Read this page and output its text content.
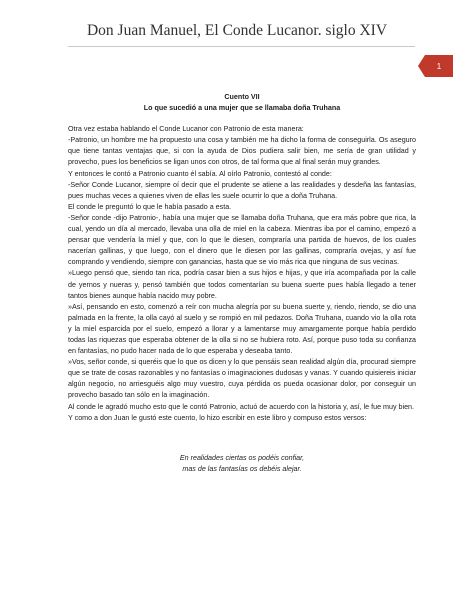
Don Juan Manuel, El Conde Lucanor. siglo XIV
1
Cuento VII
Lo que sucedió a una mujer que se llamaba doña Truhana

Otra vez estaba hablando el Conde Lucanor con Patronio de esta manera:

-Patronio, un hombre me ha propuesto una cosa y también me ha dicho la forma de conseguirla. Os aseguro que tiene tantas ventajas que, si con la ayuda de Dios pudiera salir bien, me sería de gran utilidad y provecho, pues los beneficios se ligan unos con otros, de tal forma que al final serán muy grandes.

Y entonces le contó a Patronio cuanto él sabía. Al oírlo Patronio, contestó al conde:

-Señor Conde Lucanor, siempre oí decir que el prudente se atiene a las realidades y desdeña las fantasías, pues muchas veces a quienes viven de ellas les suele ocurrir lo que a doña Truhana.

El conde le preguntó lo que le había pasado a esta.

-Señor conde -dijo Patronio-, había una mujer que se llamaba doña Truhana, que era más pobre que rica, la cual, yendo un día al mercado, llevaba una olla de miel en la cabeza. Mientras iba por el camino, empezó a pensar que vendería la miel y que, con lo que le diesen, compraría una partida de huevos, de los cuales nacerían gallinas, y que luego, con el dinero que le diesen por las gallinas, compraría ovejas, y así fue comprando y vendiendo, siempre con ganancias, hasta que se vio más rica que ninguna de sus vecinas.

»Luego pensó que, siendo tan rica, podría casar bien a sus hijos e hijas, y que iría acompañada por la calle de yernos y nueras y, pensó también que todos comentarían su buena suerte pues había llegado a tener tantos bienes aunque había nacido muy pobre.

»Así, pensando en esto, comenzó a reír con mucha alegría por su buena suerte y, riendo, riendo, se dio una palmada en la frente, la olla cayó al suelo y se rompió en mil pedazos. Doña Truhana, cuando vio la olla rota y la miel esparcida por el suelo, empezó a llorar y a lamentarse muy amargamente porque había perdido todas las riquezas que esperaba obtener de la olla si no se hubiera roto. Así, porque puso toda su confianza en fantasías, no pudo hacer nada de lo que esperaba y deseaba tanto.

»Vos, señor conde, si queréis que lo que os dicen y lo que pensáis sean realidad algún día, procurad siempre que se trate de cosas razonables y no fantasías o imaginaciones dudosas y vanas. Y cuando quisiereis iniciar algún negocio, no arriesguéis algo muy vuestro, cuya pérdida os pueda ocasionar dolor, por conseguir un provecho basado tan sólo en la imaginación.

Al conde le agradó mucho esto que le contó Patronio, actuó de acuerdo con la historia y, así, le fue muy bien.

Y como a don Juan le gustó este cuento, lo hizo escribir en este libro y compuso estos versos:

En realidades ciertas os podéis confiar,
mas de las fantasías os debéis alejar.
